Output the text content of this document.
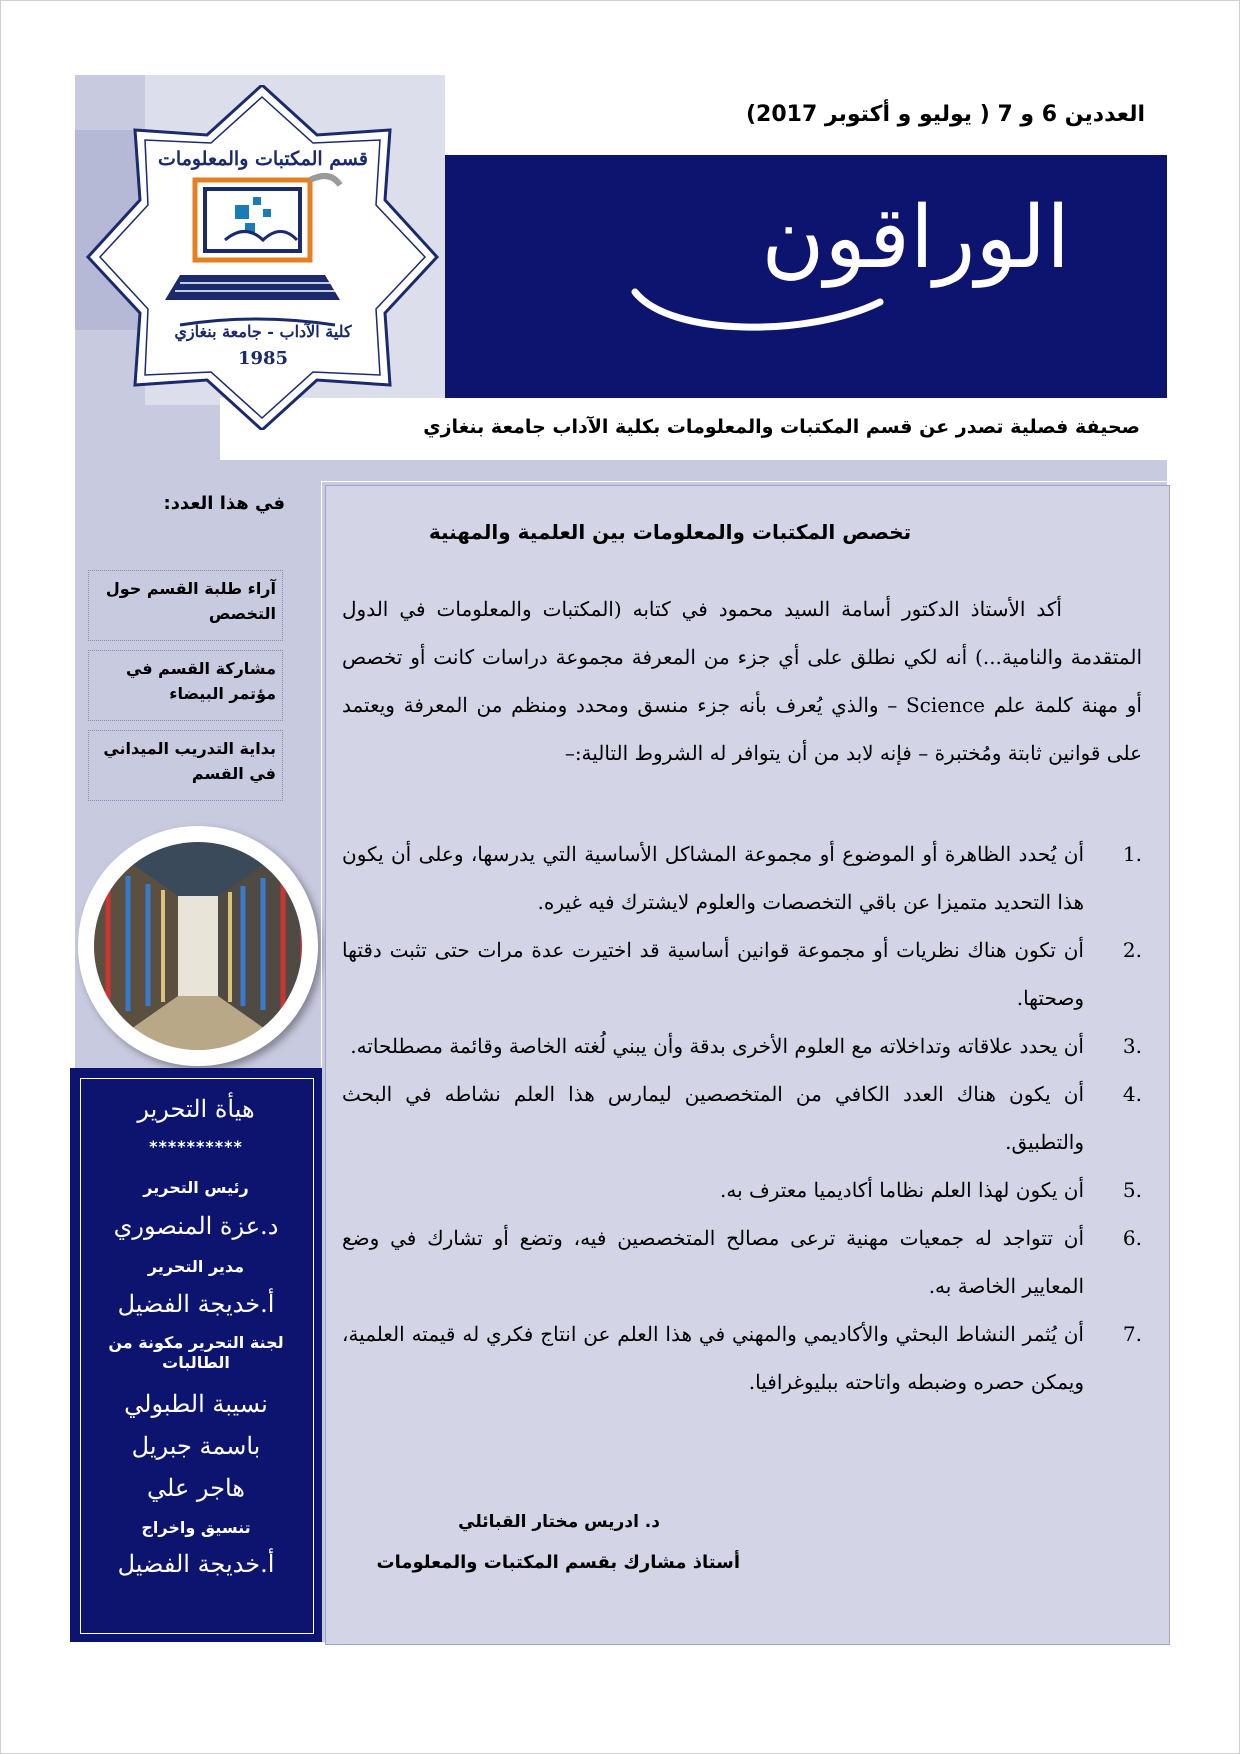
العددين 6 و 7 ( يوليو و أكتوبر 2017)
الوراقون
صحيفة فصلية تصدر عن قسم المكتبات والمعلومات بكلية الآداب جامعة بنغازي
قسم المكتبات والمعلومات
كلية الآداب - جامعة بنغازي
1985
في هذا العدد:
آراء طلبة القسم حول التخصص
مشاركة القسم في مؤتمر البيضاء
بداية التدريب الميداني في القسم
تخصص المكتبات والمعلومات بين العلمية والمهنية

أكد الأستاذ الدكتور أسامة السيد محمود في كتابه (المكتبات والمعلومات في الدول المتقدمة والنامية...) أنه لكي نطلق على أي جزء من المعرفة مجموعة دراسات كانت أو تخصص أو مهنة كلمة علم Science – والذي يُعرف بأنه جزء منسق ومحدد ومنظم من المعرفة ويعتمد على قوانين ثابتة ومُختبرة – فإنه لابد من أن يتوافر له الشروط التالية:–

.1
أن يُحدد الظاهرة أو الموضوع أو مجموعة المشاكل الأساسية التي يدرسها، وعلى أن يكون هذا التحديد متميزا عن باقي التخصصات والعلوم لايشترك فيه غيره.

.2
أن تكون هناك نظريات أو مجموعة قوانين أساسية قد اختيرت عدة مرات حتى تثبت دقتها وصحتها.

.3
أن يحدد علاقاته وتداخلاته مع العلوم الأخرى بدقة وأن يبني لُغته الخاصة وقائمة مصطلحاته.

.4
أن يكون هناك العدد الكافي من المتخصصين ليمارس هذا العلم نشاطه في البحث والتطبيق.

.5
أن يكون لهذا العلم نظاما أكاديميا معترف به.

.6
أن تتواجد له جمعيات مهنية ترعى مصالح المتخصصين فيه، وتضع أو تشارك في وضع المعايير الخاصة به.

.7
أن يُثمر النشاط البحثي والأكاديمي والمهني في هذا العلم عن انتاج فكري له قيمته العلمية، ويمكن حصره وضبطه واتاحته ببليوغرافيا.

د. ادريس مختار القبائلي
أستاذ مشارك بقسم المكتبات والمعلومات
هيأة التحرير
**********
رئيس التحرير
د.عزة المنصوري
مدير التحرير
أ.خديجة الفضيل
لجنة التحرير مكونة من الطالبات
نسيبة الطبولي
باسمة جبريل
هاجر علي
تنسيق واخراج
أ.خديجة الفضيل
